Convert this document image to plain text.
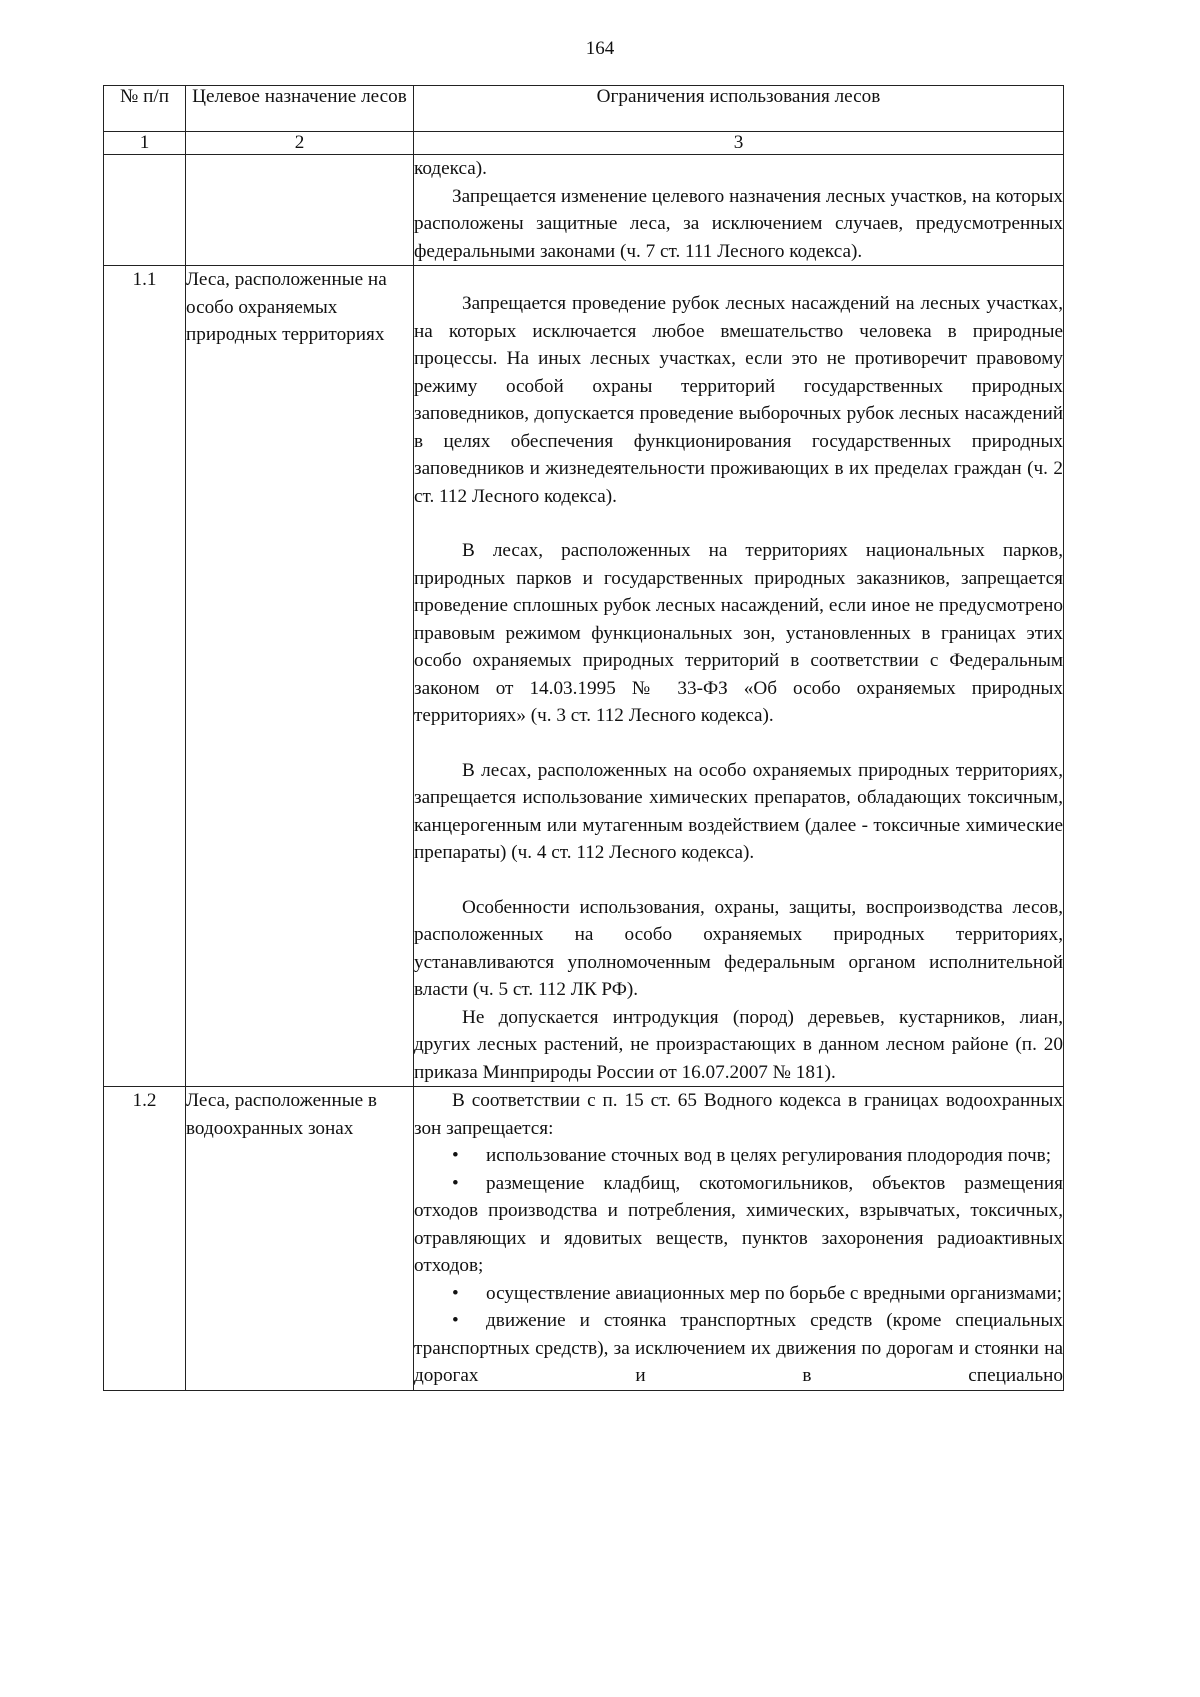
164
№ п/п	Целевое назначение лесов	Ограничения использования лесов
1	2	3

		кодекса).

Запрещается изменение целевого назначения лесных участков, на которых расположены защитные леса, за исключением случаев, предусмотренных федеральными законами (ч. 7 ст. 111 Лесного кодекса).

1.1	Леса, расположенные на особо охраняемых природных территориях	Запрещается проведение рубок лесных насаждений на лесных участках, на которых исключается любое вмешательство человека в природные процессы. На иных лесных участках, если это не противоречит правовому режиму особой охраны территорий государственных природных заповедников, допускается проведение выборочных рубок лесных насаждений в целях обеспечения функционирования государственных природных заповедников и жизнедеятельности проживающих в их пределах граждан (ч. 2 ст. 112 Лесного кодекса).

В лесах, расположенных на территориях национальных парков, природных парков и государственных природных заказников, запрещается проведение сплошных рубок лесных насаждений, если иное не предусмотрено правовым режимом функциональных зон, установленных в границах этих особо охраняемых природных территорий в соответствии с Федеральным законом от 14.03.1995 № 33-ФЗ «Об особо охраняемых природных территориях» (ч. 3 ст. 112 Лесного кодекса).

В лесах, расположенных на особо охраняемых природных территориях, запрещается использование химических препаратов, обладающих токсичным, канцерогенным или мутагенным воздействием (далее - токсичные химические препараты) (ч. 4 ст. 112 Лесного кодекса).

Особенности использования, охраны, защиты, воспроизводства лесов, расположенных на особо охраняемых природных территориях, устанавливаются уполномоченным федеральным органом исполнительной власти (ч. 5 ст. 112 ЛК РФ).

Не допускается интродукция (пород) деревьев, кустарников, лиан, других лесных растений, не произрастающих в данном лесном районе (п. 20 приказа Минприроды России от 16.07.2007 № 181).

1.2	Леса, расположенные в водоохранных зонах	В соответствии с п. 15 ст. 65 Водного кодекса в границах водоохранных зон запрещается:

• использование сточных вод в целях регулирования плодородия почв;

• размещение кладбищ, скотомогильников, объектов размещения отходов производства и потребления, химических, взрывчатых, токсичных, отравляющих и ядовитых веществ, пунктов захоронения радиоактивных отходов;

• осуществление авиационных мер по борьбе с вредными организмами;

• движение и стоянка транспортных средств (кроме специальных транспортных средств), за исключением их движения по дорогам и стоянки на дорогах и в специально
